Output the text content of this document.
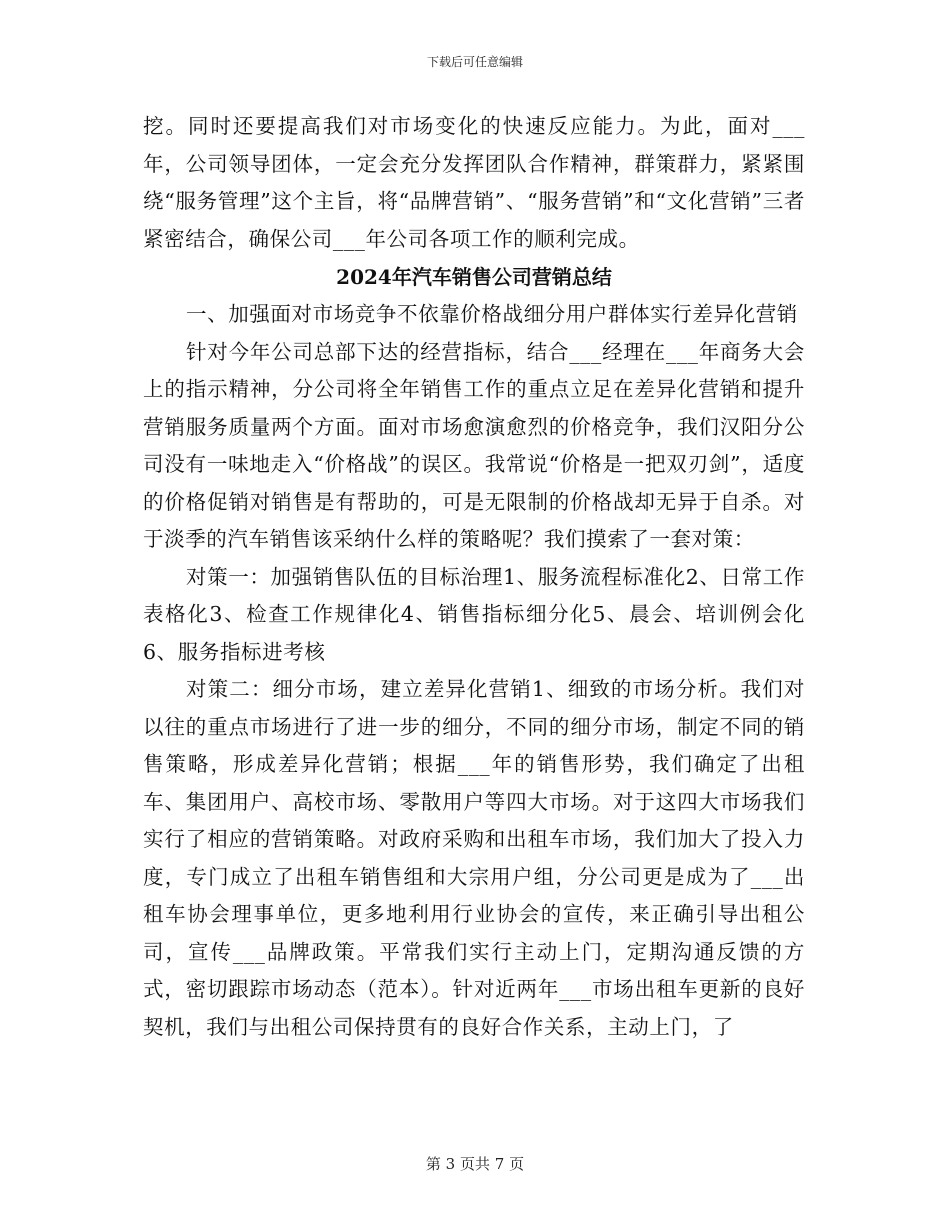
下载后可任意编辑

挖。同时还要提高我们对市场变化的快速反应能力。为此，面对___年，公司领导团体，一定会充分发挥团队合作精神，群策群力，紧紧围绕“服务管理”这个主旨，将“品牌营销”、“服务营销”和“文化营销”三者紧密结合，确保公司___年公司各项工作的顺利完成。

2024年汽车销售公司营销总结

一、加强面对市场竞争不依靠价格战细分用户群体实行差异化营销

针对今年公司总部下达的经营指标，结合___经理在___年商务大会上的指示精神，分公司将全年销售工作的重点立足在差异化营销和提升营销服务质量两个方面。面对市场愈演愈烈的价格竞争，我们汉阳分公司没有一味地走入“价格战”的误区。我常说“价格是一把双刃剑”，适度的价格促销对销售是有帮助的，可是无限制的价格战却无异于自杀。对于淡季的汽车销售该采纳什么样的策略呢？我们摸索了一套对策：

对策一：加强销售队伍的目标治理1、服务流程标准化2、日常工作表格化3、检查工作规律化4、销售指标细分化5、晨会、培训例会化6、服务指标进考核

对策二：细分市场，建立差异化营销1、细致的市场分析。我们对以往的重点市场进行了进一步的细分，不同的细分市场，制定不同的销售策略，形成差异化营销；根据___年的销售形势，我们确定了出租车、集团用户、高校市场、零散用户等四大市场。对于这四大市场我们实行了相应的营销策略。对政府采购和出租车市场，我们加大了投入力度，专门成立了出租车销售组和大宗用户组，分公司更是成为了___出租车协会理事单位，更多地利用行业协会的宣传，来正确引导出租公司，宣传___品牌政策。平常我们实行主动上门，定期沟通反馈的方式，密切跟踪市场动态（范本）。针对近两年___市场出租车更新的良好契机，我们与出租公司保持贯有的良好合作关系，主动上门，了

第 3 页共 7 页
